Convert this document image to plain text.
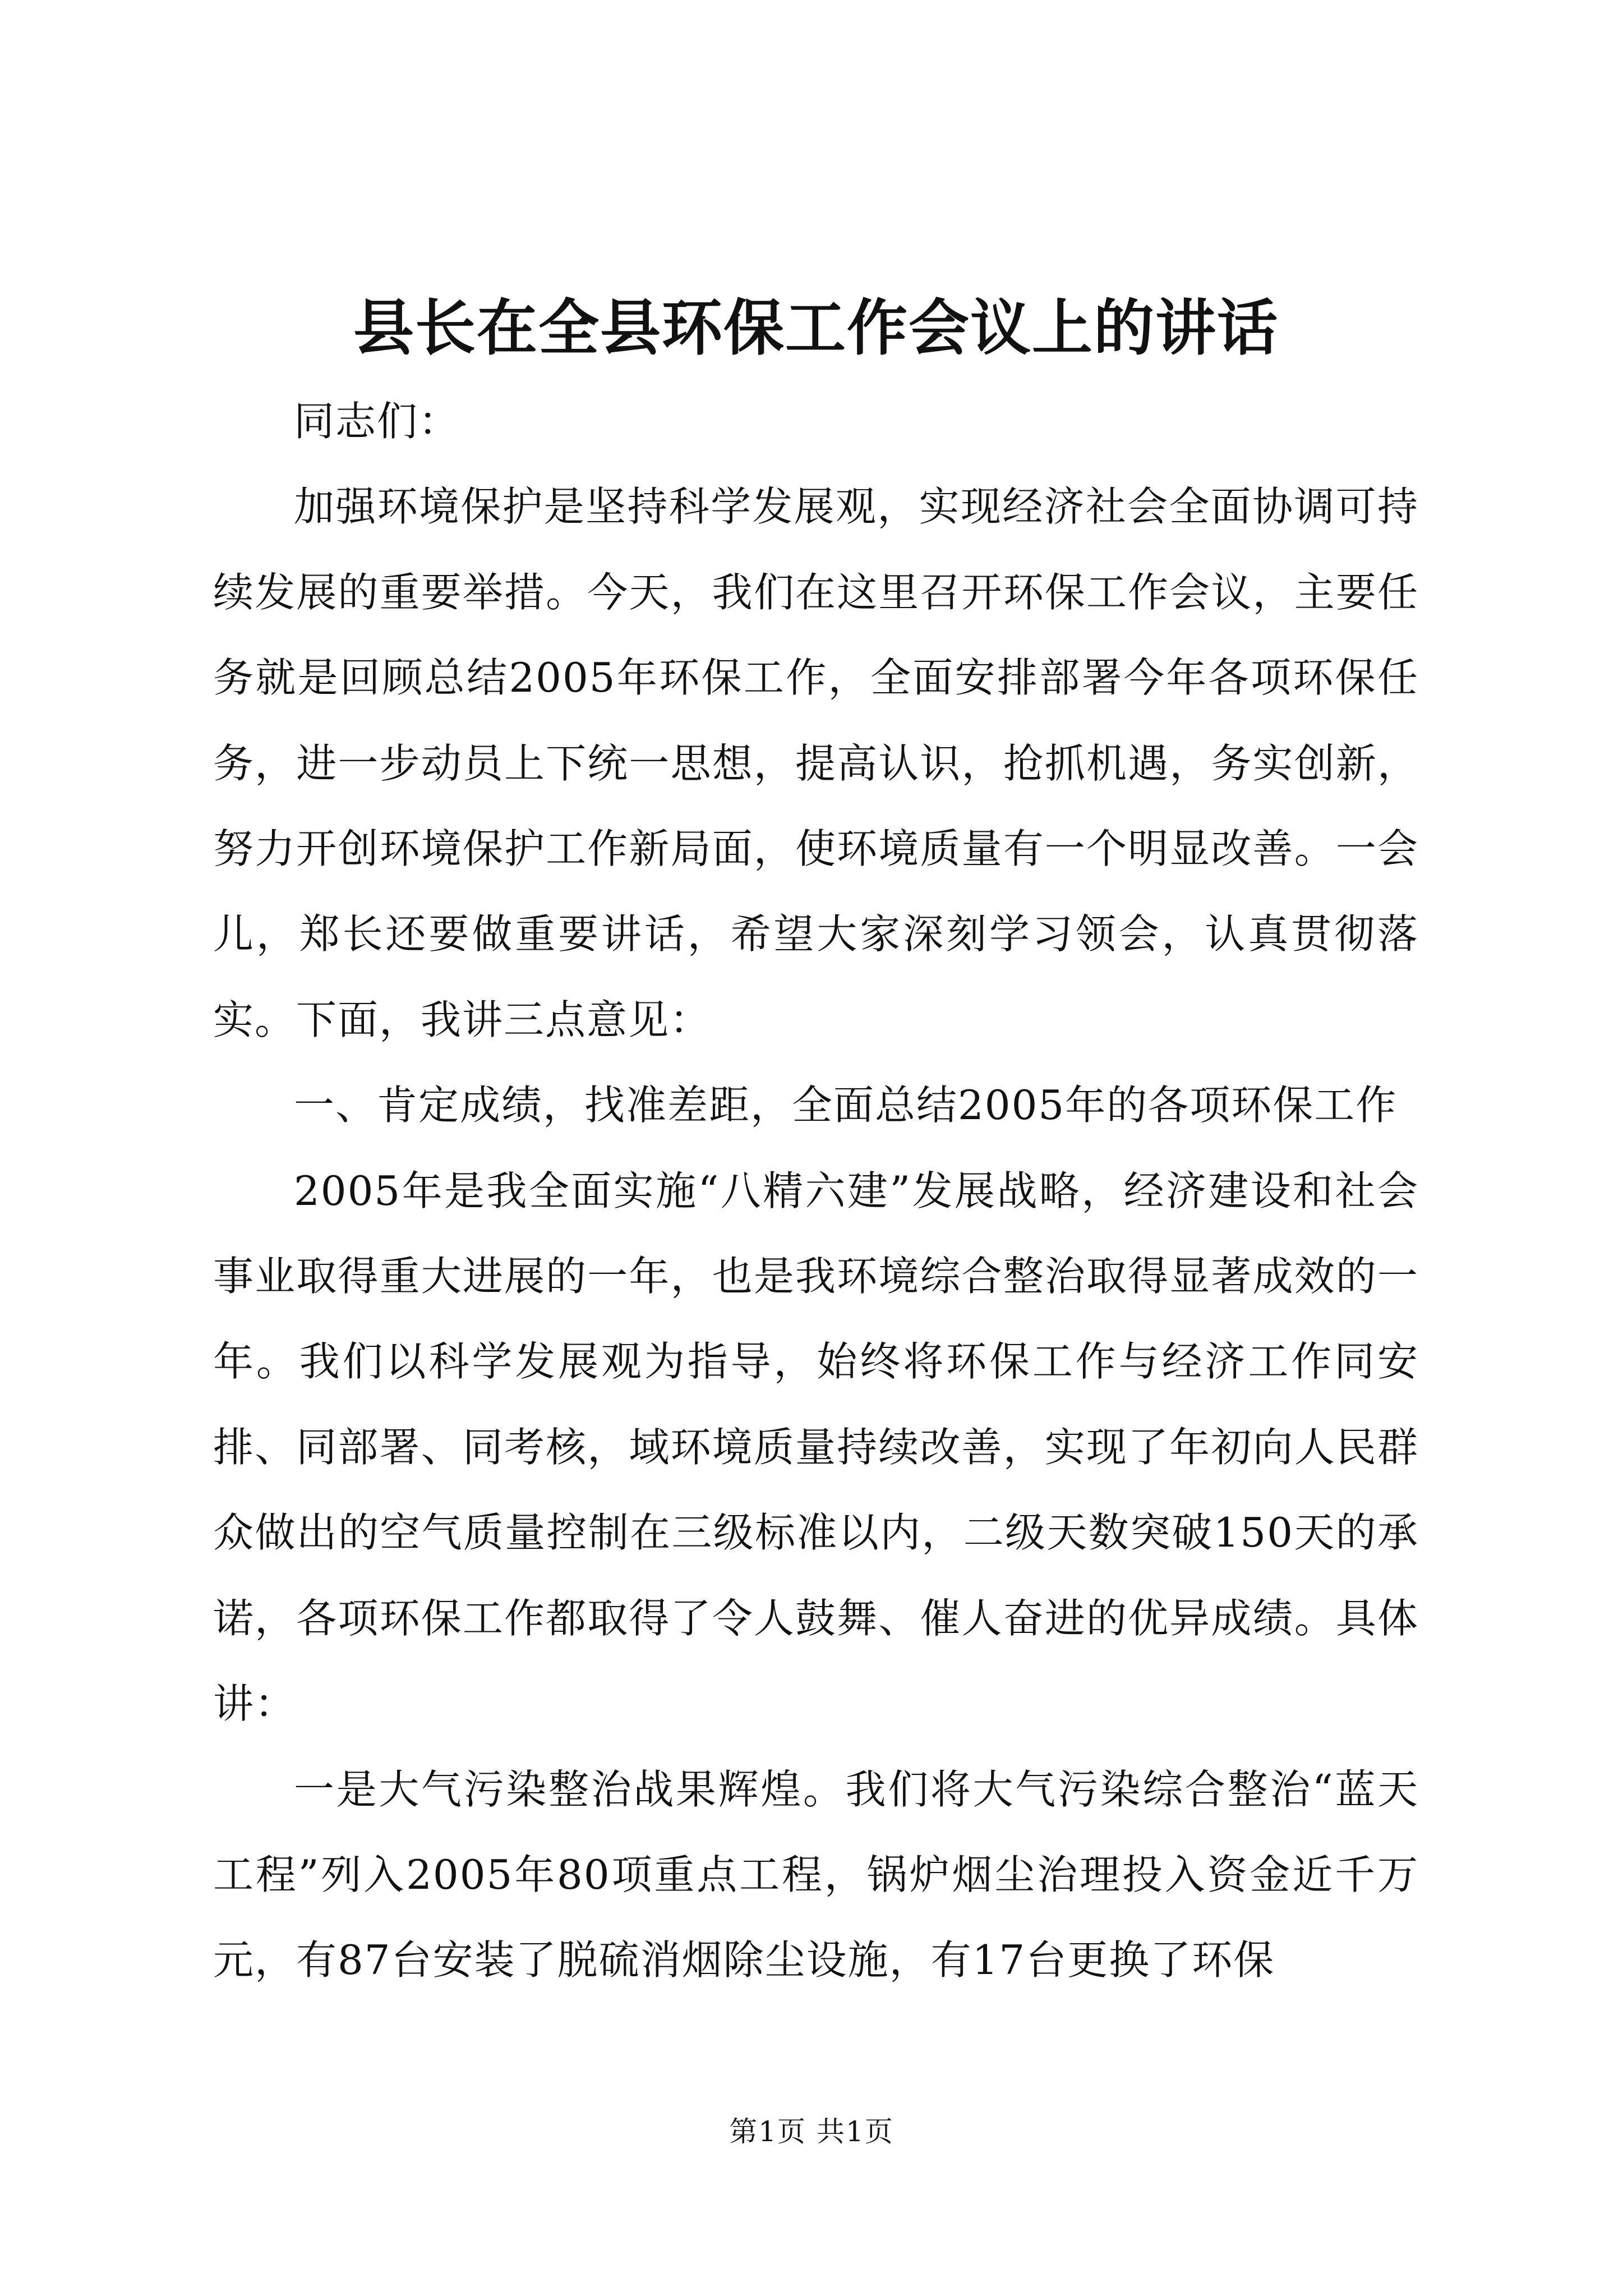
县长在全县环保工作会议上的讲话

同志们：

加强环境保护是坚持科学发展观，实现经济社会全面协调可持续发展的重要举措。今天，我们在这里召开环保工作会议，主要任务就是回顾总结2005年环保工作，全面安排部署今年各项环保任务，进一步动员上下统一思想，提高认识，抢抓机遇，务实创新，努力开创环境保护工作新局面，使环境质量有一个明显改善。一会儿，郑长还要做重要讲话，希望大家深刻学习领会，认真贯彻落实。下面，我讲三点意见：

一、肯定成绩，找准差距，全面总结2005年的各项环保工作

2005年是我全面实施“八精六建”发展战略，经济建设和社会事业取得重大进展的一年，也是我环境综合整治取得显著成效的一年。我们以科学发展观为指导，始终将环保工作与经济工作同安排、同部署、同考核，域环境质量持续改善，实现了年初向人民群众做出的空气质量控制在三级标准以内，二级天数突破150天的承诺，各项环保工作都取得了令人鼓舞、催人奋进的优异成绩。具体讲：

一是大气污染整治战果辉煌。我们将大气污染综合整治“蓝天工程”列入2005年80项重点工程，锅炉烟尘治理投入资金近千万元，有87台安装了脱硫消烟除尘设施，有17台更换了环保

第1页 共1页
